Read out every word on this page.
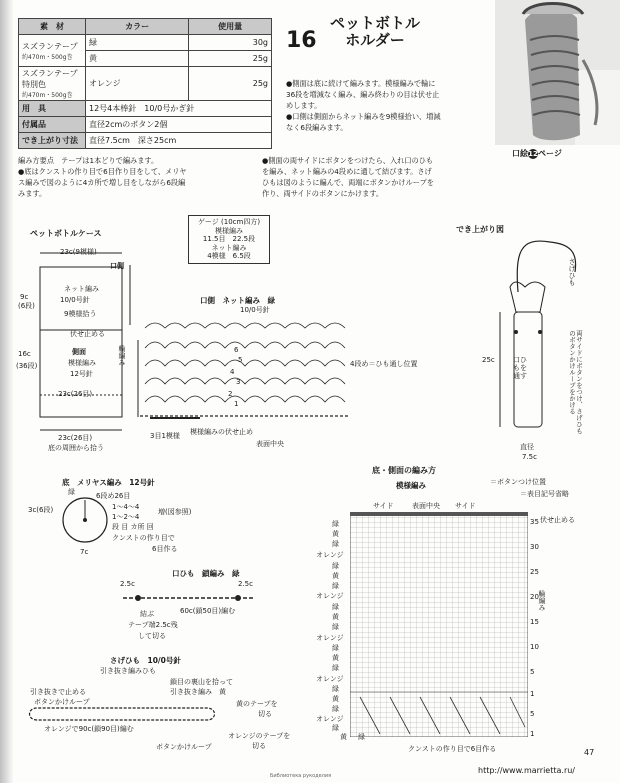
素　材	カラー	使用量
スズランテープ
約470m・500g巻	緑	30g
	黄	25g
スズランテープ特別色
約470m・500g巻	オレンジ	25g
用　具	12号4本棒針　10/0号かぎ針	
付属品	直径2cmのボタン2個	
でき上がり寸法	直径7.5cm　深さ25cm	
16
ペットボトル
ホルダー
口絵12ページ
●側面は底に続けて編みます。模様編みで輪に
36段を増減なく編み、編み終わりの目は伏せ止
めします。
●口側は側面からネット編みを9模様拾い、増減
なく6段編みます。
編み方要点　テープは1本どりで編みます。
●底はクンストの作り目で6目作り目をして、メリヤ
ス編みで図のように4カ所で増し目をしながら6段編
みます。
●側面の両サイドにボタンをつけたら、入れ口のひも
を編み、ネット編みの4段めに通して結びます。さげ
ひもは図のように編んで、両端にボタンかけループを
作り、両サイドのボタンにかけます。
ペットボトルケース
23c(9模様)
口側
ネット編み
10/0号針
9模様拾う
伏せ止める
側面
模様編み
12号針
23c(26目)
23c(26目)
底の周囲から拾う
9c
(6段)
16c
(36段)	輪編み
ゲージ (10cm四方)
模様編み
11.5目　22.5段
ネット編み
4模様　6.5段
口側　ネット編み　緑
10/0号針
6
5
4
3
2
1
4段め＝ひも通し位置
3目1模様 模様編みの伏せ止め
表面中央
でき上がり図
さげひも
口ひもを通す	両サイドにボタンをつけ、さげひものボタンかけループをかける
25c
直径
7.5c
底　メリヤス編み　12号針
緑	6段め26目
1〜4〜4
1〜2〜4
増(図参照)
段 目 カ所 回
クンストの作り目で
6目作る
3c(6段)
7c
口ひも　鎖編み　緑
2.5c	2.5c
60c(鎖50目)編む
結ぶ
テープ端2.5c残
して切る
さげひも　10/0号針
引き抜き編みひも
引き抜きで止める
ボタンかけループ
鎖目の裏山を拾って
引き抜き編み　黄
黄のテープを
切る
オレンジで90c(鎖90目)編む
ボタンかけループ
オレンジのテープを
切る
底・側面の編み方
模様編み	＝ボタンつけ位置
＝表目記号省略
サイド	表面中央 サイド
伏せ止める
輪編み
緑
黄
緑
オレンジ
緑
黄
緑
オレンジ
緑
黄
緑
オレンジ
緑
黄
緑
オレンジ
緑
黄
緑
オレンジ
緑
黄 緑
35
30
25
20
15
10
5
1
5
1
クンストの作り目で6目作る	47
http://www.marrietta.ru/
Библиотека рукоделия
